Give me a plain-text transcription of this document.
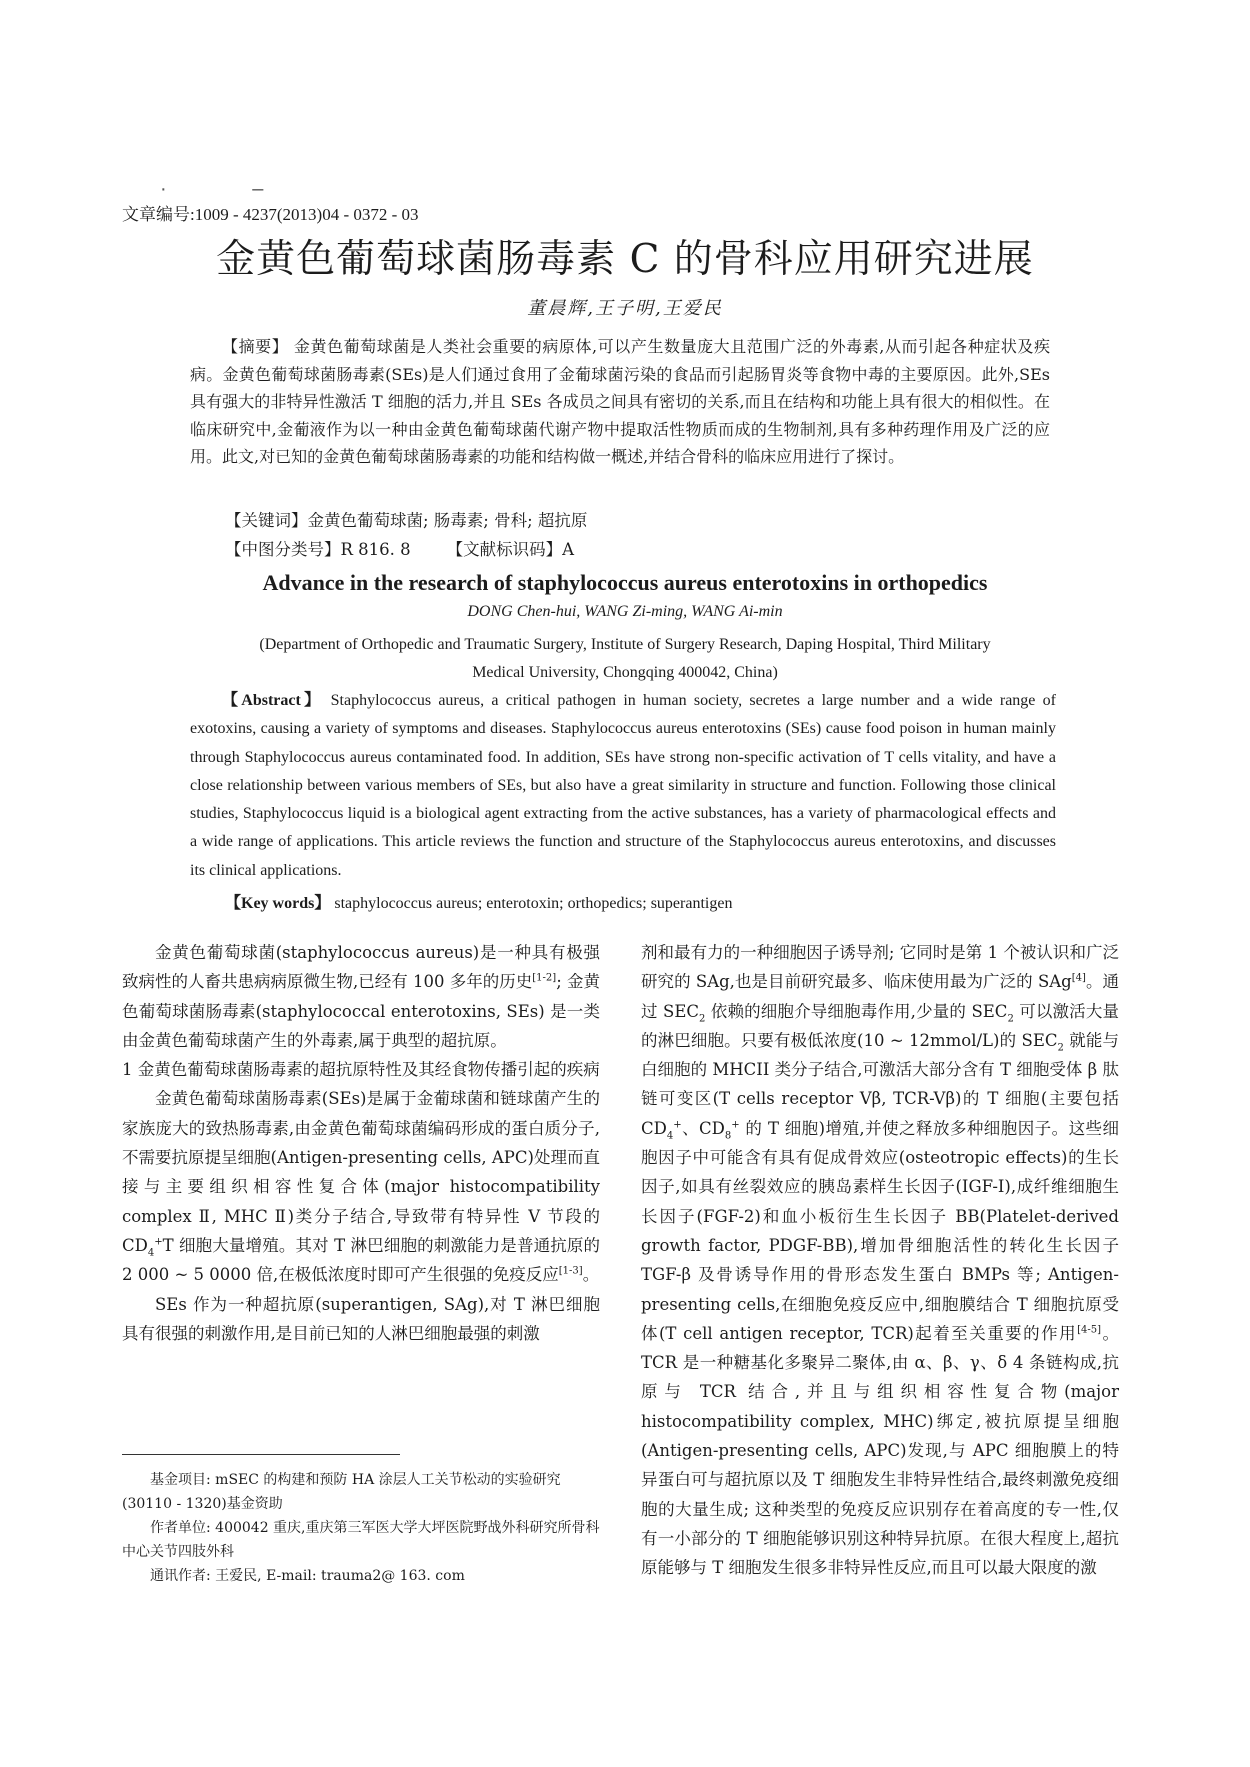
· –
文章编号:1009 - 4237(2013)04 - 0372 - 03
金黄色葡萄球菌肠毒素 C 的骨科应用研究进展
董晨辉,王子明,王爱民

【摘要】 金黄色葡萄球菌是人类社会重要的病原体,可以产生数量庞大且范围广泛的外毒素,从而引起各种症状及疾病。金黄色葡萄球菌肠毒素(SEs)是人们通过食用了金葡球菌污染的食品而引起肠胃炎等食物中毒的主要原因。此外,SEs 具有强大的非特异性激活 T 细胞的活力,并且 SEs 各成员之间具有密切的关系,而且在结构和功能上具有很大的相似性。在临床研究中,金葡液作为以一种由金黄色葡萄球菌代谢产物中提取活性物质而成的生物制剂,具有多种药理作用及广泛的应用。此文,对已知的金黄色葡萄球菌肠毒素的功能和结构做一概述,并结合骨科的临床应用进行了探讨。

【关键词】金黄色葡萄球菌; 肠毒素; 骨科; 超抗原
【中图分类号】R 816. 8 【文献标识码】A
Advance in the research of staphylococcus aureus enterotoxins in orthopedics
DONG Chen-hui, WANG Zi-ming, WANG Ai-min
(Department of Orthopedic and Traumatic Surgery, Institute of Surgery Research, Daping Hospital, Third Military
Medical University, Chongqing 400042, China)

【Abstract】 Staphylococcus aureus, a critical pathogen in human society, secretes a large number and a wide range of exotoxins, causing a variety of symptoms and diseases. Staphylococcus aureus enterotoxins (SEs) cause food poison in human mainly through Staphylococcus aureus contaminated food. In addition, SEs have strong non-specific activation of T cells vitality, and have a close relationship between various members of SEs, but also have a great similarity in structure and function. Following those clinical studies, Staphylococcus liquid is a biological agent extracting from the active substances, has a variety of pharmacological effects and a wide range of applications. This article reviews the function and structure of the Staphylococcus aureus enterotoxins, and discusses its clinical applications.

【Key words】 staphylococcus aureus; enterotoxin; orthopedics; superantigen

金黄色葡萄球菌(staphylococcus aureus)是一种具有极强致病性的人畜共患病病原微生物,已经有 100 多年的历史[1-2]; 金黄色葡萄球菌肠毒素(staphylococcal enterotoxins, SEs) 是一类由金黄色葡萄球菌产生的外毒素,属于典型的超抗原。

1 金黄色葡萄球菌肠毒素的超抗原特性及其经食物传播引起的疾病

金黄色葡萄球菌肠毒素(SEs)是属于金葡球菌和链球菌产生的家族庞大的致热肠毒素,由金黄色葡萄球菌编码形成的蛋白质分子,不需要抗原提呈细胞(Antigen-presenting cells, APC)处理而直接与主要组织相容性复合体(major histocompatibility complex Ⅱ, MHC Ⅱ)类分子结合,导致带有特异性 V 节段的 $CD_4^+T$ 细胞大量增殖。其对 T 淋巴细胞的刺激能力是普通抗原的 2 000 ~ 5 0000 倍,在极低浓度时即可产生很强的免疫反应[1-3]。

SEs 作为一种超抗原(superantigen, SAg),对 T 淋巴细胞具有很强的刺激作用,是目前已知的人淋巴细胞最强的刺激

基金项目: mSEC 的构建和预防 HA 涂层人工关节松动的实验研究(30110 - 1320)基金资助

作者单位: 400042 重庆,重庆第三军医大学大坪医院野战外科研究所骨科中心关节四肢外科

通讯作者: 王爱民, E-mail: trauma2@ 163. com

剂和最有力的一种细胞因子诱导剂; 它同时是第 1 个被认识和广泛研究的 SAg,也是目前研究最多、临床使用最为广泛的 SAg[4]。通过 $SEC_2$ 依赖的细胞介导细胞毒作用,少量的 $SEC_2$ 可以激活大量的淋巴细胞。只要有极低浓度(10 ~ 12mmol/L)的 $SEC_2$ 就能与白细胞的 MHCII 类分子结合,可激活大部分含有 T 细胞受体 β 肽链可变区(T cells receptor Vβ, TCR-Vβ)的 T 细胞(主要包括 $CD_4^+$、$CD_8^+$ 的 T 细胞)增殖,并使之释放多种细胞因子。这些细胞因子中可能含有具有促成骨效应(osteotropic effects)的生长因子,如具有丝裂效应的胰岛素样生长因子(IGF-I),成纤维细胞生长因子(FGF-2)和血小板衍生生长因子 BB(Platelet-derived growth factor, PDGF-BB),增加骨细胞活性的转化生长因子 TGF-β 及骨诱导作用的骨形态发生蛋白 BMPs 等; Antigen-presenting cells,在细胞免疫反应中,细胞膜结合 T 细胞抗原受体(T cell antigen receptor, TCR)起着至关重要的作用[4-5]。TCR 是一种糖基化多聚异二聚体,由 α、β、γ、δ 4 条链构成,抗原与 TCR 结合,并且与组织相容性复合物(major histocompatibility complex, MHC)绑定,被抗原提呈细胞(Antigen-presenting cells, APC)发现,与 APC 细胞膜上的特异蛋白可与超抗原以及 T 细胞发生非特异性结合,最终刺激免疫细胞的大量生成; 这种类型的免疫反应识别存在着高度的专一性,仅有一小部分的 T 细胞能够识别这种特异抗原。在很大程度上,超抗原能够与 T 细胞发生很多非特异性反应,而且可以最大限度的激
